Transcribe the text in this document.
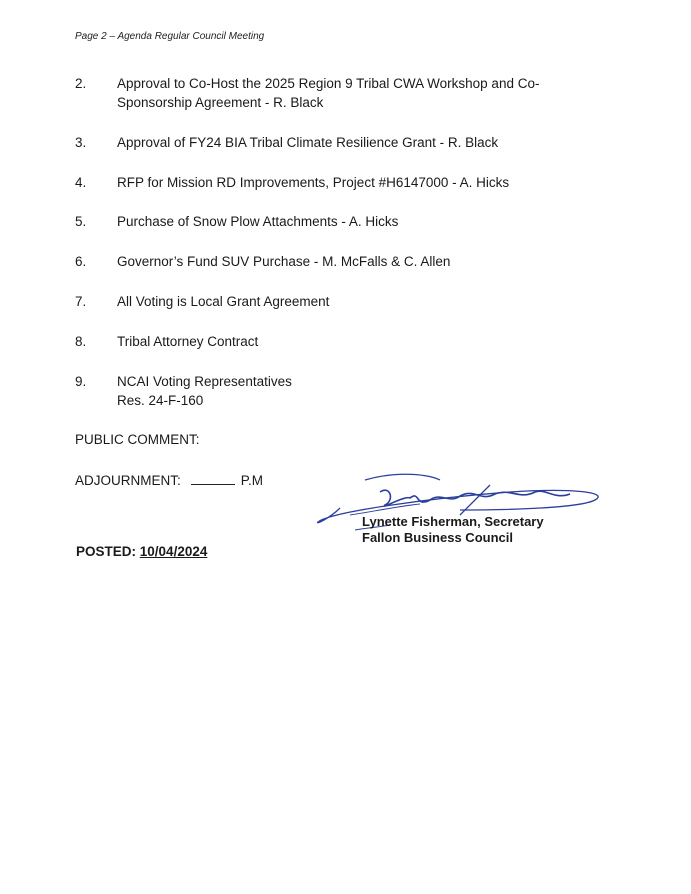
Page 2 – Agenda Regular Council Meeting
2.	Approval to Co-Host the 2025 Region 9 Tribal CWA Workshop and Co-
Sponsorship Agreement - R. Black
3.	Approval of FY24 BIA Tribal Climate Resilience Grant - R. Black
4.	RFP for Mission RD Improvements, Project #H6147000 - A. Hicks
5.	Purchase of Snow Plow Attachments - A. Hicks
6.	Governor’s Fund SUV Purchase - M. McFalls & C. Allen
7.	All Voting is Local Grant Agreement
8.	Tribal Attorney Contract
9.	NCAI Voting Representatives
Res. 24-F-160
PUBLIC COMMENT:
ADJOURNMENT:	P.M
Lynette Fisherman, Secretary
Fallon Business Council
POSTED: 10/04/2024
